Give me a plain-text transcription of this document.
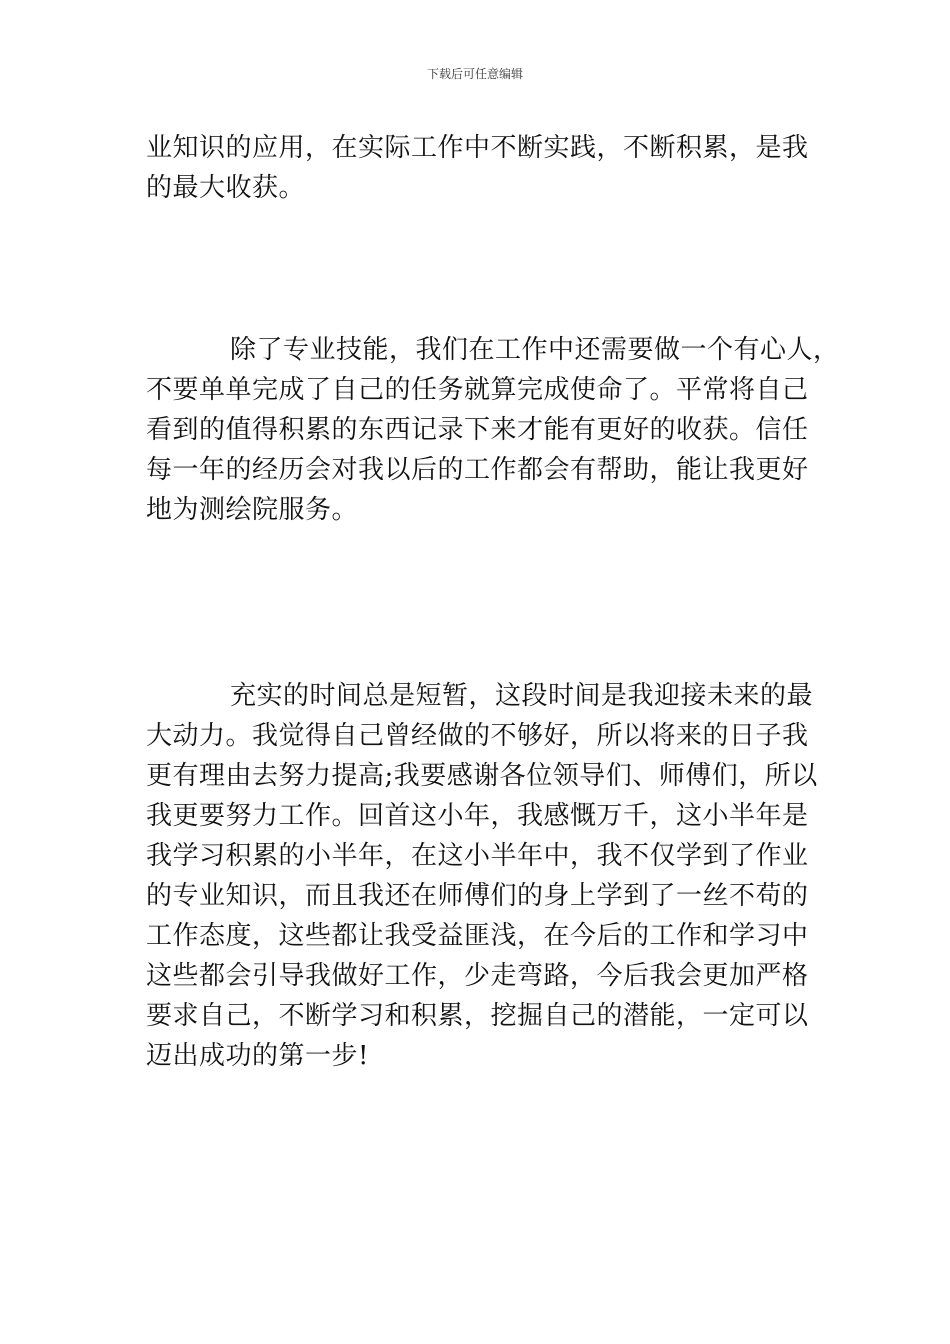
下载后可任意编辑
业知识的应用，在实际工作中不断实践，不断积累，是我
的最大收获。
除了专业技能，我们在工作中还需要做一个有心人，
不要单单完成了自己的任务就算完成使命了。平常将自己
看到的值得积累的东西记录下来才能有更好的收获。信任
每一年的经历会对我以后的工作都会有帮助，能让我更好
地为测绘院服务。
充实的时间总是短暂，这段时间是我迎接未来的最
大动力。我觉得自己曾经做的不够好，所以将来的日子我
更有理由去努力提高;我要感谢各位领导们、师傅们，所以
我更要努力工作。回首这小年，我感慨万千，这小半年是
我学习积累的小半年，在这小半年中，我不仅学到了作业
的专业知识，而且我还在师傅们的身上学到了一丝不苟的
工作态度，这些都让我受益匪浅，在今后的工作和学习中
这些都会引导我做好工作，少走弯路，今后我会更加严格
要求自己，不断学习和积累，挖掘自己的潜能，一定可以
迈出成功的第一步!
